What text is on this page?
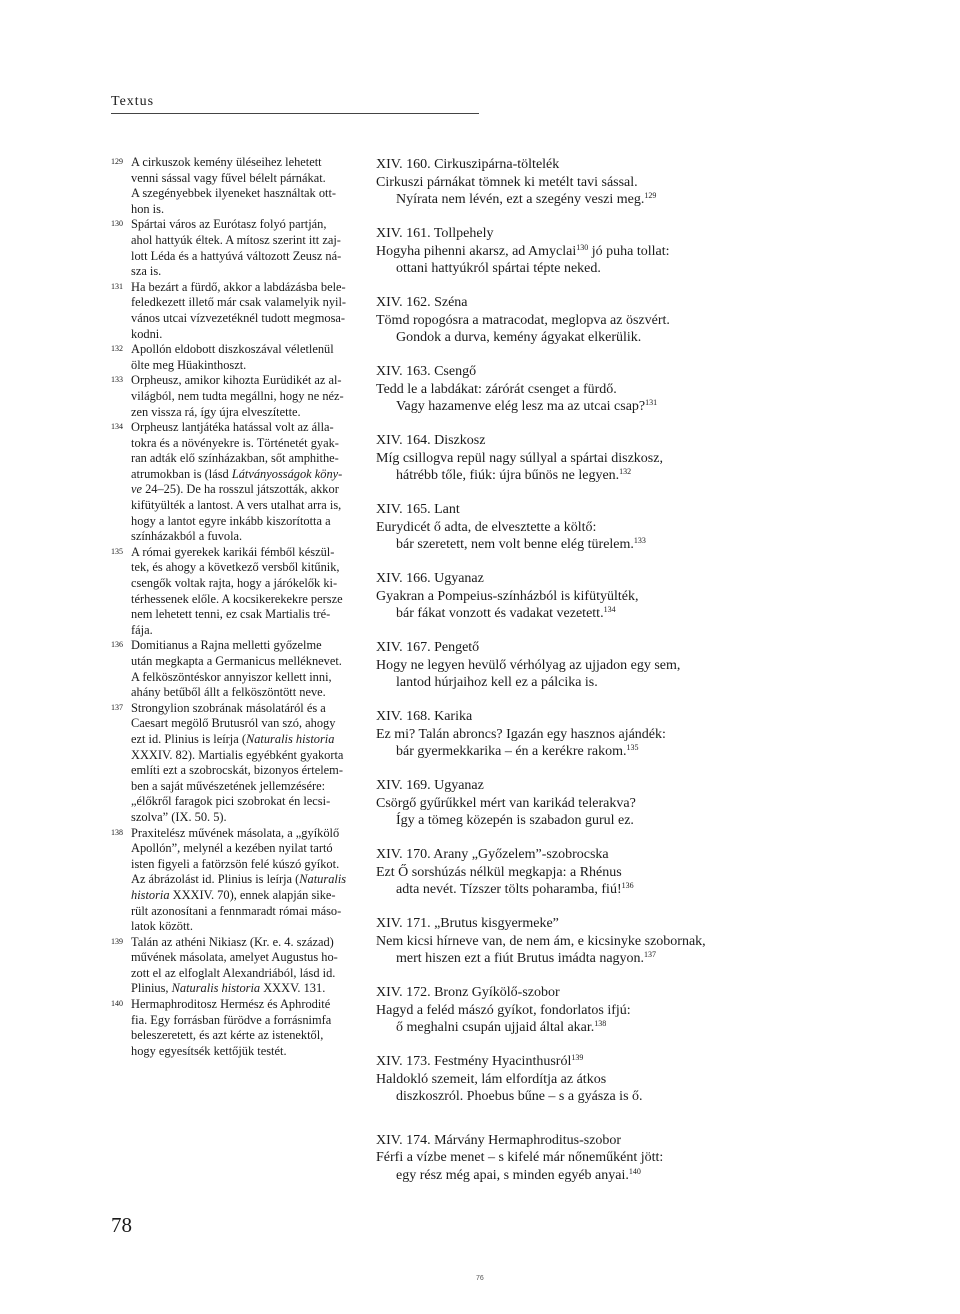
Textus
129 A cirkuszok kemény üléseihez lehetett
venni sással vagy fűvel bélelt párnákat.
A szegényebbek ilyeneket használtak ott-
hon is.
130 Spártai város az Eurótasz folyó partján,
ahol hattyúk éltek. A mítosz szerint itt zaj-
lott Léda és a hattyúvá változott Zeusz ná-
sza is.
131 Ha bezárt a fürdő, akkor a labdázásba bele-
feledkezett illető már csak valamelyik nyil-
vános utcai vízvezetéknél tudott megmosa-
kodni.
132 Apollón eldobott diszkoszával véletlenül
ölte meg Hüakinthoszt.
133 Orpheusz, amikor kihozta Eurüdikét az al-
világból, nem tudta megállni, hogy ne néz-
zen vissza rá, így újra elveszítette.
134 Orpheusz lantjátéka hatással volt az álla-
tokra és a növényekre is. Történetét gyak-
ran adták elő színházakban, sőt amphithe-
atrumokban is (lásd Látványosságok köny-
ve 24–25). De ha rosszul játszották, akkor
kifütyülték a lantost. A vers utalhat arra is,
hogy a lantot egyre inkább kiszorította a
színházakból a fuvola.
135 A római gyerekek karikái fémből készül-
tek, és ahogy a következő versből kitűnik,
csengők voltak rajta, hogy a járókelők ki-
térhessenek előle. A kocsikerekekre persze
nem lehetett tenni, ez csak Martialis tré-
fája.
136 Domitianus a Rajna melletti győzelme
után megkapta a Germanicus melléknevet.
A felköszöntéskor annyiszor kellett inni,
ahány betűből állt a felköszöntött neve.
137 Strongylion szobrának másolatáról és a
Caesart megölő Brutusról van szó, ahogy
ezt id. Plinius is leírja (Naturalis historia
XXXIV. 82). Martialis egyébként gyakorta
említi ezt a szobrocskát, bizonyos értelem-
ben a saját művészetének jellemzésére:
„élőkről faragok pici szobrokat én lecsi-
szolva” (IX. 50. 5).
138 Praxitelész művének másolata, a „gyíkölő
Apollón”, melynél a kezében nyilat tartó
isten figyeli a fatörzsön felé kúszó gyíkot.
Az ábrázolást id. Plinius is leírja (Naturalis
historia XXXIV. 70), ennek alapján sike-
rült azonosítani a fennmaradt római máso-
latok között.
139 Talán az athéni Nikiasz (Kr. e. 4. század)
művének másolata, amelyet Augustus ho-
zott el az elfoglalt Alexandriából, lásd id.
Plinius, Naturalis historia XXXV. 131.
140 Hermaphroditosz Hermész és Aphrodité
fia. Egy forrásban fürödve a forrásnimfa
beleszeretett, és azt kérte az istenektől,
hogy egyesítsék kettőjük testét.
XIV. 160. Cirkuszipárna-töltelék
Cirkuszi párnákat tömnek ki metélt tavi sással.
Nyírata nem lévén, ezt a szegény veszi meg.$^{129}$
XIV. 161. Tollpehely
Hogyha pihenni akarsz, ad Amyclai$^{130}$ jó puha tollat:
ottani hattyúkról spártai tépte neked.
XIV. 162. Széna
Tömd ropogósra a matracodat, meglopva az öszvért.
Gondok a durva, kemény ágyakat elkerülik.
XIV. 163. Csengő
Tedd le a labdákat: zárórát csenget a fürdő.
Vagy hazamenve elég lesz ma az utcai csap?$^{131}$
XIV. 164. Diszkosz
Míg csillogva repül nagy súllyal a spártai diszkosz,
hátrébb tőle, fiúk: újra bűnös ne legyen.$^{132}$
XIV. 165. Lant
Eurydicét ő adta, de elvesztette a költő:
bár szeretett, nem volt benne elég türelem.$^{133}$
XIV. 166. Ugyanaz
Gyakran a Pompeius-színházból is kifütyülték,
bár fákat vonzott és vadakat vezetett.$^{134}$
XIV. 167. Pengető
Hogy ne legyen hevülő vérhólyag az ujjadon egy sem,
lantod húrjaihoz kell ez a pálcika is.
XIV. 168. Karika
Ez mi? Talán abroncs? Igazán egy hasznos ajándék:
bár gyermekkarika – én a kerékre rakom.$^{135}$
XIV. 169. Ugyanaz
Csörgő gyűrűkkel mért van karikád telerakva?
Így a tömeg közepén is szabadon gurul ez.
XIV. 170. Arany „Győzelem”-szobrocska
Ezt Ő sorshúzás nélkül megkapja: a Rhénus
adta nevét. Tízszer tölts poharamba, fiú!$^{136}$
XIV. 171. „Brutus kisgyermeke”
Nem kicsi hírneve van, de nem ám, e kicsinyke szobornak,
mert hiszen ezt a fiút Brutus imádta nagyon.$^{137}$
XIV. 172. Bronz Gyíkölő-szobor
Hagyd a feléd mászó gyíkot, fondorlatos ifjú:
ő meghalni csupán ujjaid által akar.$^{138}$
XIV. 173. Festmény Hyacinthusról$^{139}$
Haldokló szemeit, lám elfordítja az átkos
diszkoszról. Phoebus bűne – s a gyásza is ő.
XIV. 174. Márvány Hermaphroditus-szobor
Férfi a vízbe menet – s kifelé már nőneműként jött:
egy rész még apai, s minden egyéb anyai.$^{140}$
78
76
